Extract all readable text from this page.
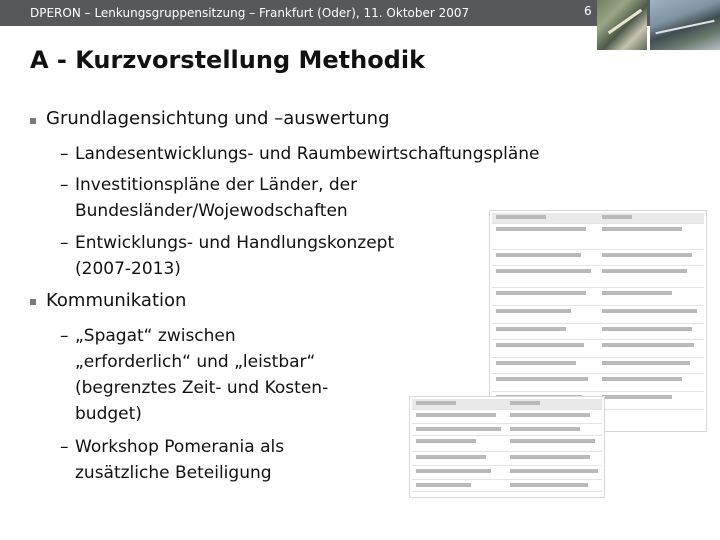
DPERON – Lenkungsgruppensitzung – Frankfurt (Oder), 11. Oktober 2007	6
A - Kurzvorstellung Methodik
Grundlagensichtung und –auswertung
– Landesentwicklungs- und Raumbewirtschaftungspläne
– Investitionspläne der Länder, der
Bundesländer/Wojewodschaften
– Entwicklungs- und Handlungskonzept
(2007-2013)
Kommunikation
– „Spagat“ zwischen
„erforderlich“ und „leistbar“
(begrenztes Zeit- und Kosten-
budget)
– Workshop Pomerania als
zusätzliche Beteiligung
